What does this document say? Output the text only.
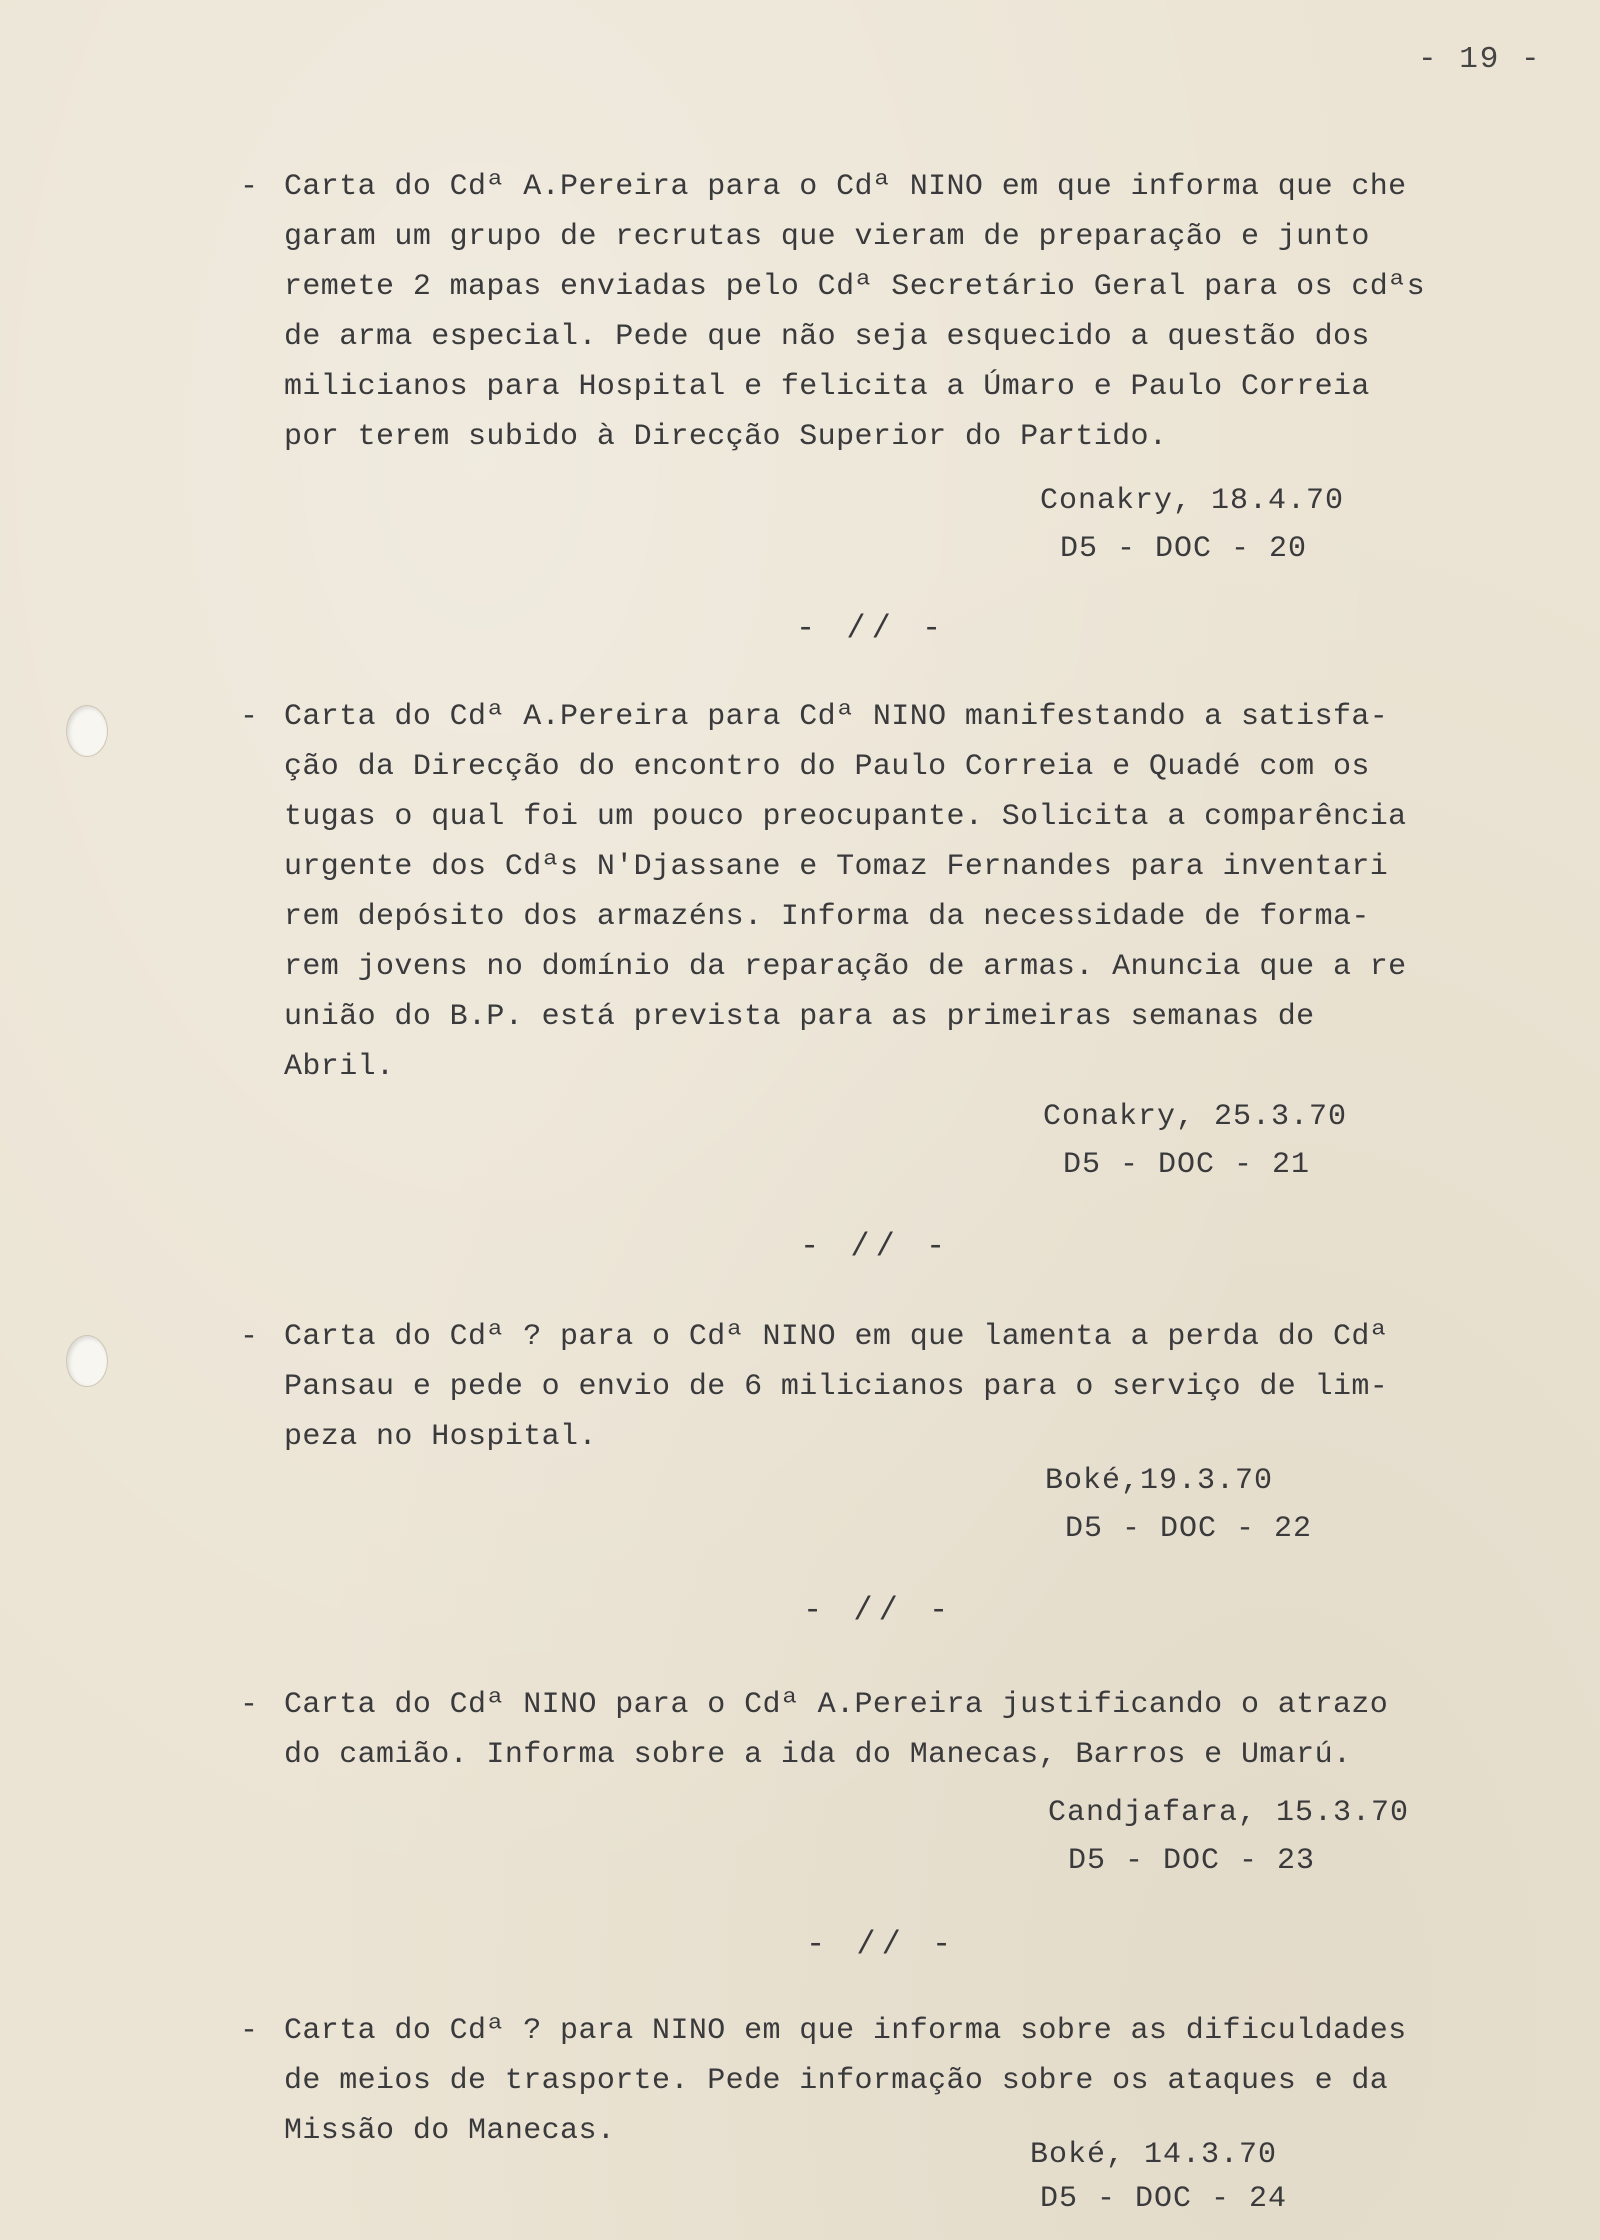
- 19 -
- Carta do Cdª A.Pereira para o Cdª NINO em que informa que che
garam um grupo de recrutas que vieram de preparação e junto
remete 2 mapas enviadas pelo Cdª Secretário Geral para os cdªs
de arma especial. Pede que não seja esquecido a questão dos
milicianos para Hospital e felicita a Úmaro e Paulo Correia
por terem subido à Direcção Superior do Partido.
Conakry, 18.4.70
D5 - DOC - 20
- // -
- Carta do Cdª A.Pereira para Cdª NINO manifestando a satisfa-
ção da Direcção do encontro do Paulo Correia e Quadé com os
tugas o qual foi um pouco preocupante. Solicita a comparência
urgente dos Cdªs N'Djassane e Tomaz Fernandes para inventari
rem depósito dos armazéns. Informa da necessidade de forma-
rem jovens no domínio da reparação de armas. Anuncia que a re
união do B.P. está prevista para as primeiras semanas de
Abril.
Conakry, 25.3.70
D5 - DOC - 21
- // -
- Carta do Cdª ? para o Cdª NINO em que lamenta a perda do Cdª
Pansau e pede o envio de 6 milicianos para o serviço de lim-
peza no Hospital.
Boké,19.3.70
D5 - DOC - 22
- // -
- Carta do Cdª NINO para o Cdª A.Pereira justificando o atrazo
do camião. Informa sobre a ida do Manecas, Barros e Umarú.
Candjafara, 15.3.70
D5 - DOC - 23
- // -
- Carta do Cdª ? para NINO em que informa sobre as dificuldades
de meios de trasporte. Pede informação sobre os ataques e da
Missão do Manecas.
Boké, 14.3.70
D5 - DOC - 24
